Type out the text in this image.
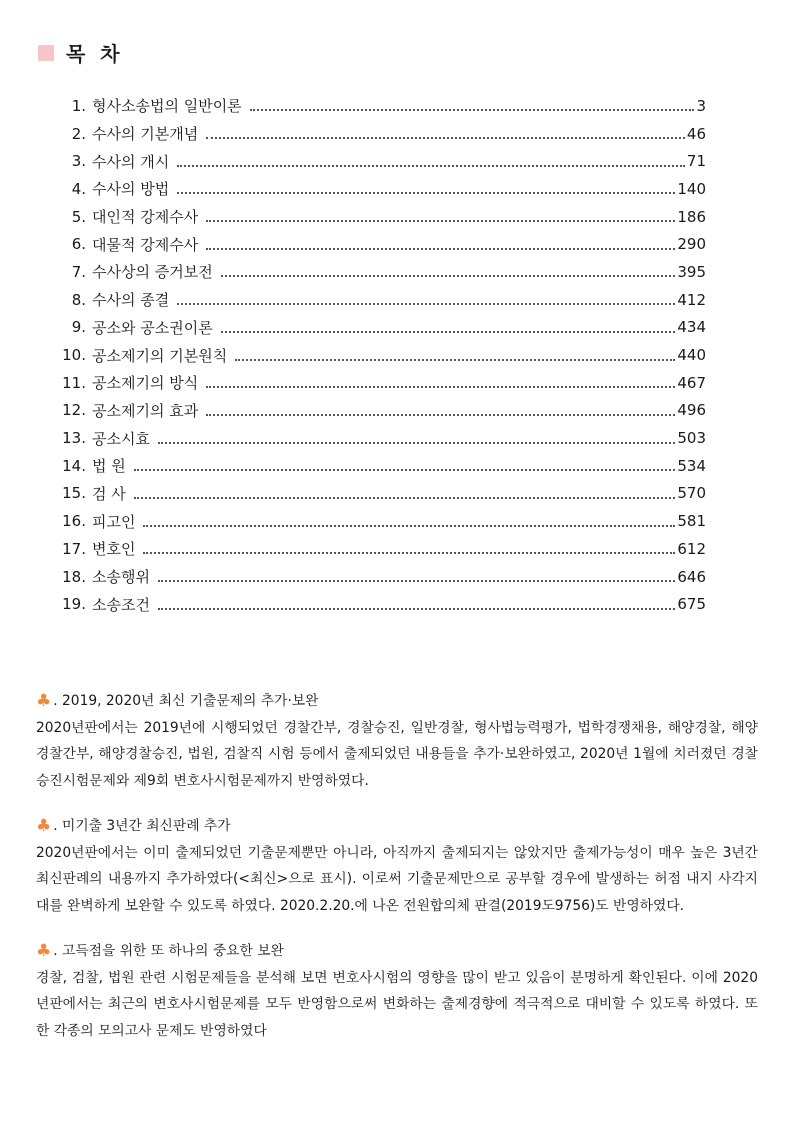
목 차
1. 형사소송법의 일반이론	3
2. 수사의 기본개념	46
3. 수사의 개시	71
4. 수사의 방법	140
5. 대인적 강제수사	186
6. 대물적 강제수사	290
7. 수사상의 증거보전	395
8. 수사의 종결	412
9. 공소와 공소권이론	434
10. 공소제기의 기본원칙	440
11. 공소제기의 방식	467
12. 공소제기의 효과	496
13. 공소시효	503
14. 법 원	534
15. 검 사	570
16. 피고인	581
17. 변호인	612
18. 소송행위	646
19. 소송조건	675
♣ . 2019, 2020년 최신 기출문제의 추가·보완
2020년판에서는 2019년에 시행되었던 경찰간부, 경찰승진, 일반경찰, 형사법능력평가, 법학경쟁채용, 해양경찰, 해양경찰간부, 해양경찰승진, 법원, 검찰직 시험 등에서 출제되었던 내용들을 추가·보완하였고, 2020년 1월에 치러졌던 경찰승진시험문제와 제9회 변호사시험문제까지 반영하였다.
♣ . 미기출 3년간 최신판례 추가
2020년판에서는 이미 출제되었던 기출문제뿐만 아니라, 아직까지 출제되지는 않았지만 출제가능성이 매우 높은 3년간 최신판례의 내용까지 추가하였다(<최신>으로 표시). 이로써 기출문제만으로 공부할 경우에 발생하는 허점 내지 사각지대를 완벽하게 보완할 수 있도록 하였다. 2020.2.20.에 나온 전원합의체 판결(2019도9756)도 반영하였다.
♣ . 고득점을 위한 또 하나의 중요한 보완
경찰, 검찰, 법원 관련 시험문제들을 분석해 보면 변호사시험의 영향을 많이 받고 있음이 분명하게 확인된다. 이에 2020년판에서는 최근의 변호사시험문제를 모두 반영함으로써 변화하는 출제경향에 적극적으로 대비할 수 있도록 하였다. 또한 각종의 모의고사 문제도 반영하였다
